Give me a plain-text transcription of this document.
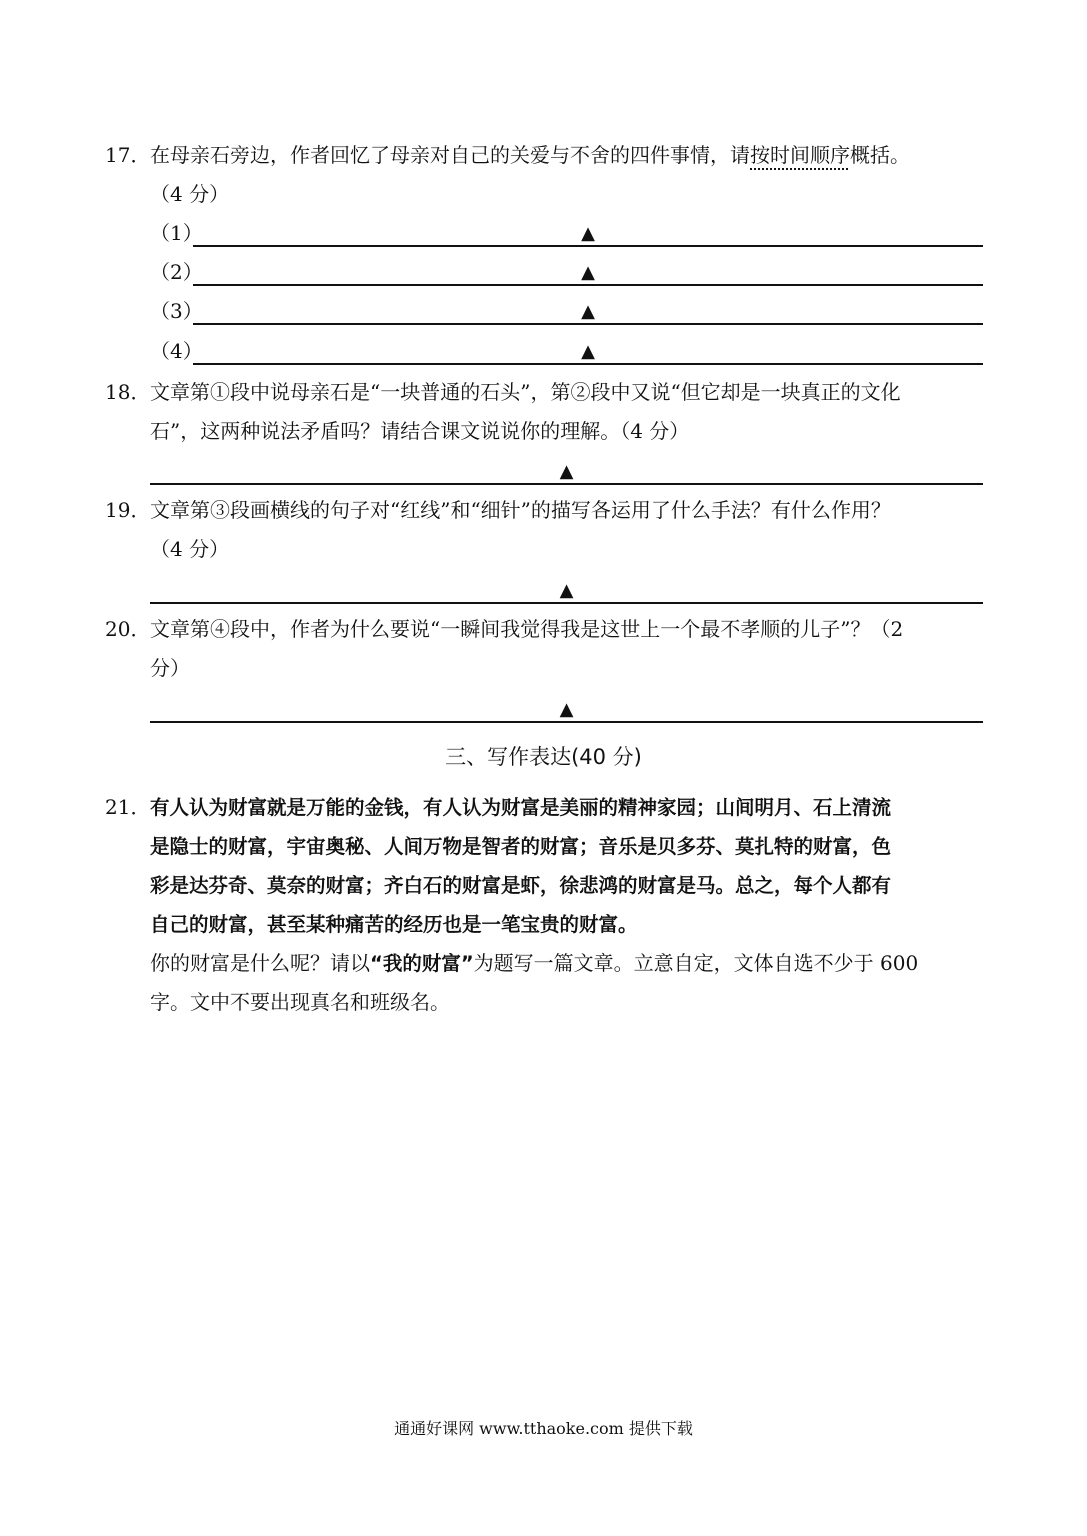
17． 在母亲石旁边，作者回忆了母亲对自己的关爱与不舍的四件事情，请按时间顺序概括。
（4 分）
（1）	▲
（2）	▲
（3）	▲
（4）	▲
18． 文章第①段中说母亲石是“一块普通的石头”，第②段中又说“但它却是一块真正的文化
石”，这两种说法矛盾吗？请结合课文说说你的理解。（4 分）
▲
19． 文章第③段画横线的句子对“红线”和“细针”的描写各运用了什么手法？有什么作用？
（4 分）
▲
20． 文章第④段中，作者为什么要说“一瞬间我觉得我是这世上一个最不孝顺的儿子”？（2
分）
▲
三、写作表达(40 分)
21． 有人认为财富就是万能的金钱，有人认为财富是美丽的精神家园；山间明月、石上清流
是隐士的财富，宇宙奥秘、人间万物是智者的财富；音乐是贝多芬、莫扎特的财富，色
彩是达芬奇、莫奈的财富；齐白石的财富是虾，徐悲鸿的财富是马。总之，每个人都有
自己的财富，甚至某种痛苦的经历也是一笔宝贵的财富。
你的财富是什么呢？请以“我的财富”为题写一篇文章。立意自定，文体自选不少于 600
字。文中不要出现真名和班级名。
通通好课网 www.tthaoke.com 提供下载
